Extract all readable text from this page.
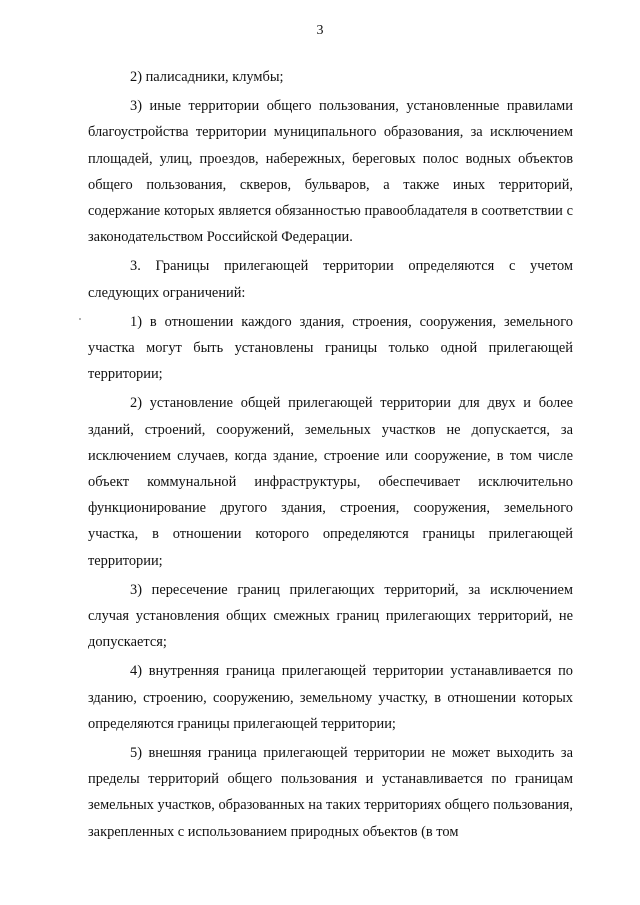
3

2) палисадники, клумбы;

3) иные территории общего пользования, установленные правилами благоустройства территории муниципального образования, за исключением площадей, улиц, проездов, набережных, береговых полос водных объектов общего пользования, скверов, бульваров, а также иных территорий, содержание которых является обязанностью правообладателя в соответствии с законодательством Российской Федерации.

3. Границы прилегающей территории определяются с учетом следующих ограничений:

1) в отношении каждого здания, строения, сооружения, земельного участка могут быть установлены границы только одной прилегающей территории;

2) установление общей прилегающей территории для двух и более зданий, строений, сооружений, земельных участков не допускается, за исключением случаев, когда здание, строение или сооружение, в том числе объект коммунальной инфраструктуры, обеспечивает исключительно функционирование другого здания, строения, сооружения, земельного участка, в отношении которого определяются границы прилегающей территории;

3) пересечение границ прилегающих территорий, за исключением случая установления общих смежных границ прилегающих территорий, не допускается;

4) внутренняя граница прилегающей территории устанавливается по зданию, строению, сооружению, земельному участку, в отношении которых определяются границы прилегающей территории;

5) внешняя граница прилегающей территории не может выходить за пределы территорий общего пользования и устанавливается по границам земельных участков, образованных на таких территориях общего пользования, закрепленных с использованием природных объектов (в том
